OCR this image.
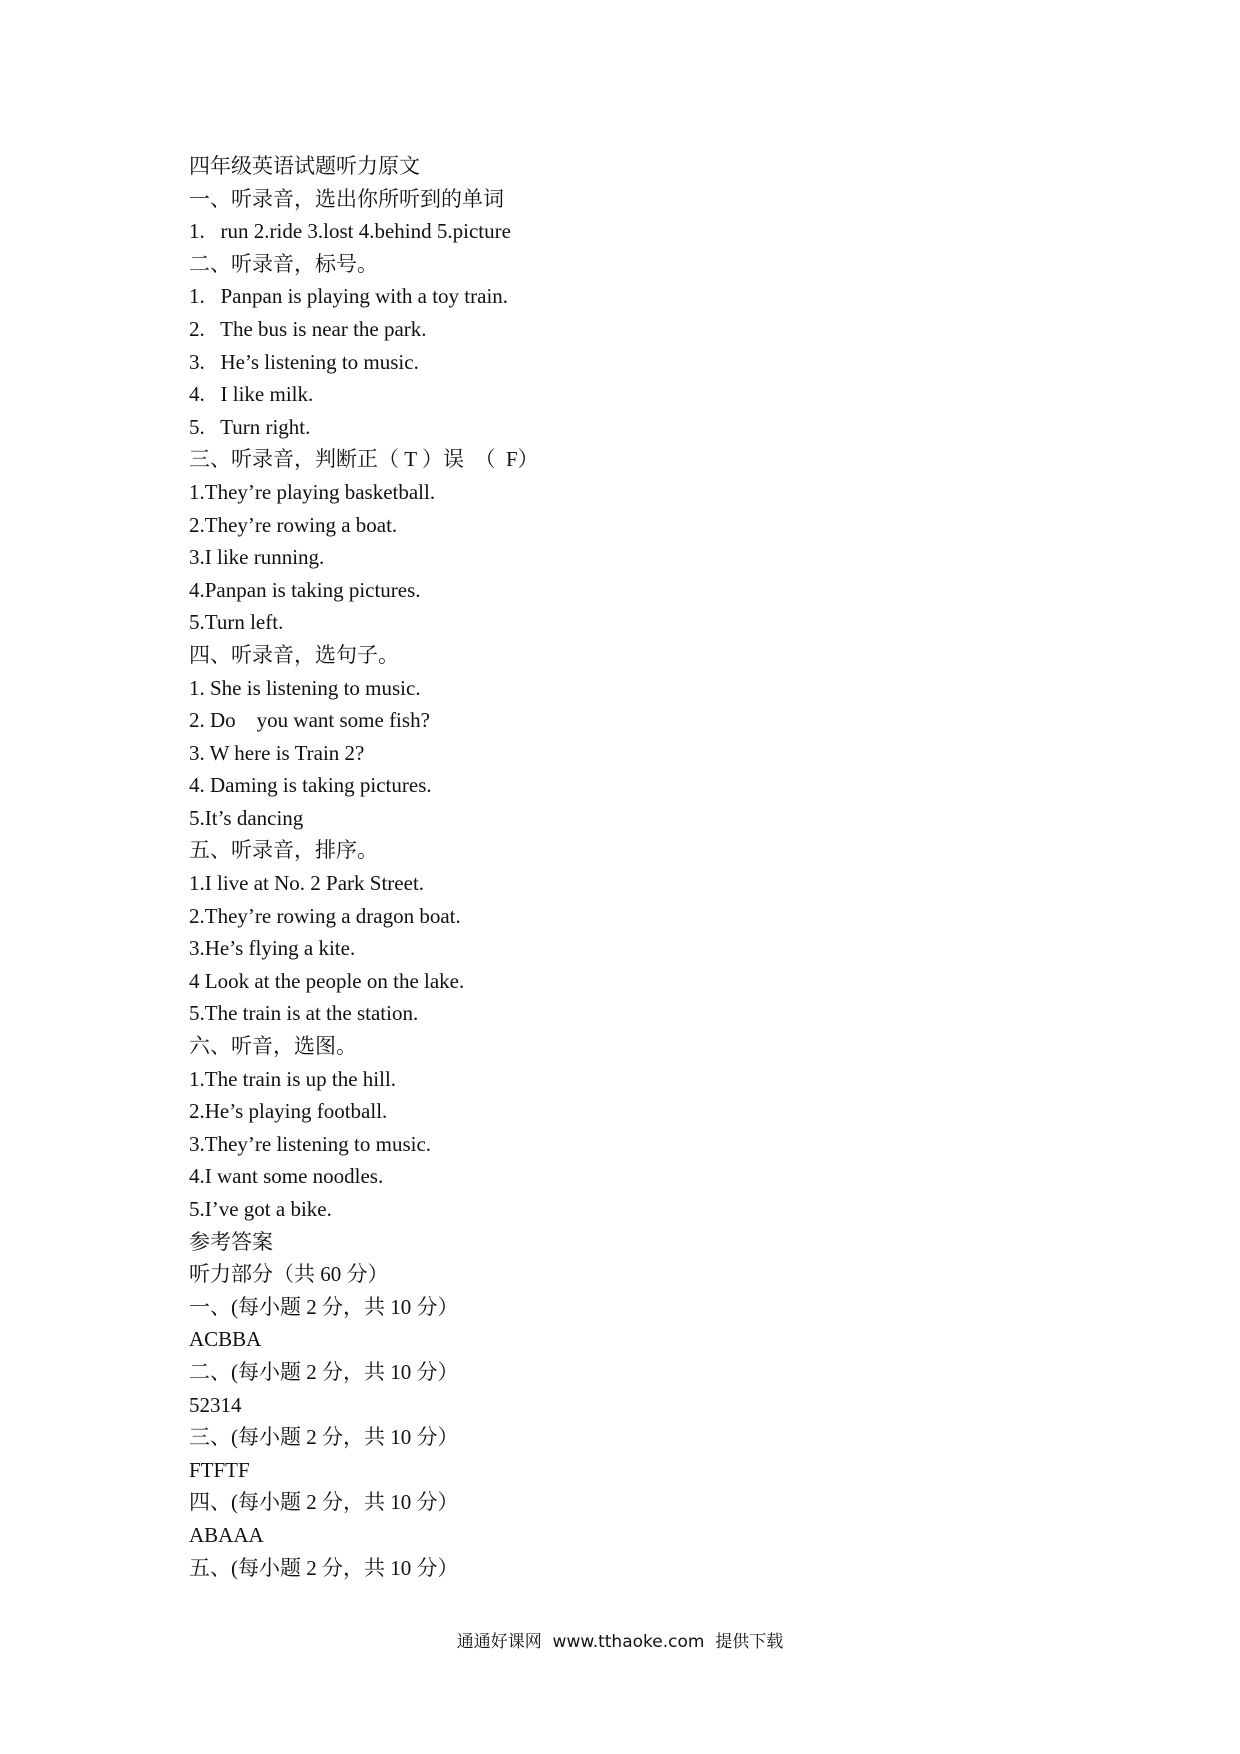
四年级英语试题听力原文
一、听录音，选出你所听到的单词
1.   run 2.ride 3.lost 4.behind 5.picture
二、听录音，标号。
1.   Panpan is playing with a toy train.
2.   The bus is near the park.
3.   He’s listening to music.
4.   I like milk.
5.   Turn right.
三、听录音，判断正（ T ）误  （  F）
1.They’re playing basketball.
2.They’re rowing a boat.
3.I like running.
4.Panpan is taking pictures.
5.Turn left.
四、听录音，选句子。
1. She is listening to music.
2. Do    you want some fish?
3. W here is Train 2?
4. Daming is taking pictures.
5.It’s dancing
五、听录音，排序。
1.I live at No. 2 Park Street.
2.They’re rowing a dragon boat.
3.He’s flying a kite.
4 Look at the people on the lake.
5.The train is at the station.
六、听音，选图。
1.The train is up the hill.
2.He’s playing football.
3.They’re listening to music.
4.I want some noodles.
5.I’ve got a bike.
参考答案
听力部分（共 60 分）
一、(每小题 2 分，共 10 分）
ACBBA
二、(每小题 2 分，共 10 分）
52314
三、(每小题 2 分，共 10 分）
FTFTF
四、(每小题 2 分，共 10 分）
ABAAA
五、(每小题 2 分，共 10 分）
通通好课网  www.tthaoke.com  提供下载
